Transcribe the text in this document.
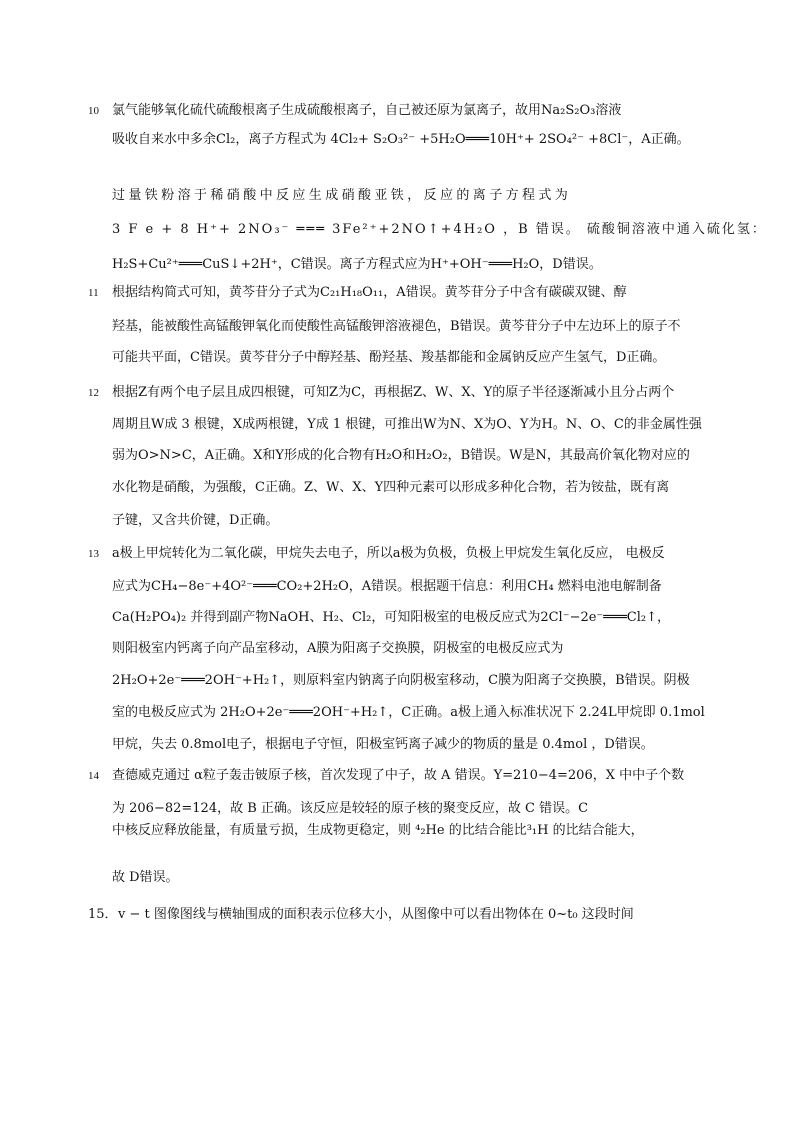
10 氯气能够氧化硫代硫酸根离子生成硫酸根离子，自己被还原为氯离子，故用Na₂S₂O₃溶液
吸收自来水中多余Cl₂，离子方程式为 4Cl₂+ S₂O₃²⁻ +5H₂O═══10H⁺+ 2SO₄²⁻ +8Cl⁻，A正确。
过量铁粉溶于稀硝酸中反应生成硝酸亚铁，反应的离子方程式为
3 F e + 8 H⁺+ 2NO₃⁻ ═══ 3Fe²⁺+2NO↑+4H₂O ，B 错误。 硫酸铜溶液中通入硫化氢：
H₂S+Cu²⁺═══CuS↓+2H⁺，C错误。离子方程式应为H⁺+OH⁻═══H₂O，D错误。
11 根据结构简式可知，黄芩苷分子式为C₂₁H₁₈O₁₁，A错误。黄芩苷分子中含有碳碳双键、醇
羟基，能被酸性高锰酸钾氧化而使酸性高锰酸钾溶液褪色，B错误。黄芩苷分子中左边环上的原子不
可能共平面，C错误。黄芩苷分子中醇羟基、酚羟基、羧基都能和金属钠反应产生氢气，D正确。
12 根据Z有两个电子层且成四根键，可知Z为C，再根据Z、W、X、Y的原子半径逐渐减小且分占两个
周期且W成 3 根键，X成两根键，Y成 1 根键，可推出W为N、X为O、Y为H。N、O、C的非金属性强
弱为O>N>C，A正确。X和Y形成的化合物有H₂O和H₂O₂，B错误。W是N，其最高价氧化物对应的
水化物是硝酸，为强酸，C正确。Z、W、X、Y四种元素可以形成多种化合物，若为铵盐，既有离
子键，又含共价键，D正确。
13 a极上甲烷转化为二氧化碳，甲烷失去电子，所以a极为负极，负极上甲烷发生氧化反应， 电极反
应式为CH₄−8e⁻+4O²⁻═══CO₂+2H₂O，A错误。根据题干信息：利用CH₄ 燃料电池电解制备
Ca(H₂PO₄)₂ 并得到副产物NaOH、H₂、Cl₂，可知阳极室的电极反应式为2Cl⁻−2e⁻═══Cl₂↑，
则阳极室内钙离子向产品室移动，A膜为阳离子交换膜，阴极室的电极反应式为
2H₂O+2e⁻═══2OH⁻+H₂↑，则原料室内钠离子向阴极室移动，C膜为阳离子交换膜，B错误。阴极
室的电极反应式为 2H₂O+2e⁻═══2OH⁻+H₂↑，C正确。a极上通入标准状况下 2.24L甲烷即 0.1mol
甲烷，失去 0.8mol电子，根据电子守恒，阳极室钙离子减少的物质的量是 0.4mol ，D错误。
14 查德威克通过 α粒子轰击铍原子核，首次发现了中子，故 A 错误。Y=210−4=206，X 中中子个数
为 206−82=124，故 B 正确。该反应是较轻的原子核的聚变反应，故 C 错误。C
中核反应释放能量，有质量亏损，生成物更稳定，则 ⁴₂He 的比结合能比³₁H 的比结合能大，
故 D错误。
15． v − t 图像图线与横轴围成的面积表示位移大小，从图像中可以看出物体在 0~t₀ 这段时间
